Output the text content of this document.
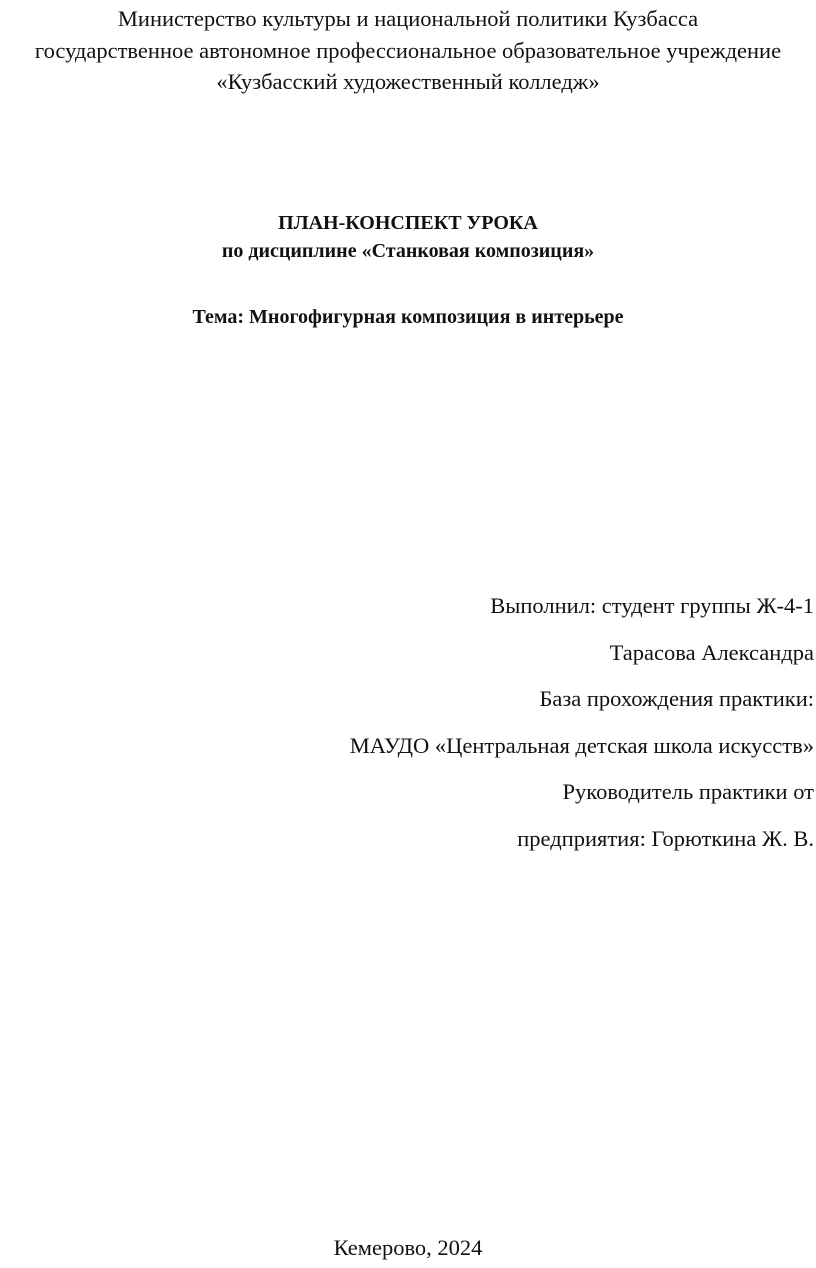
Министерство культуры и национальной политики Кузбасса
государственное автономное профессиональное образовательное учреждение
«Кузбасский художественный колледж»
ПЛАН-КОНСПЕКТ УРОКА
по дисциплине «Станковая композиция»
Тема: Многофигурная композиция в интерьере
Выполнил: студент группы Ж-4-1
Тарасова Александра
База прохождения практики:
МАУДО «Центральная детская школа искусств»
Руководитель практики от
предприятия: Горюткина Ж. В.
Кемерово, 2024
